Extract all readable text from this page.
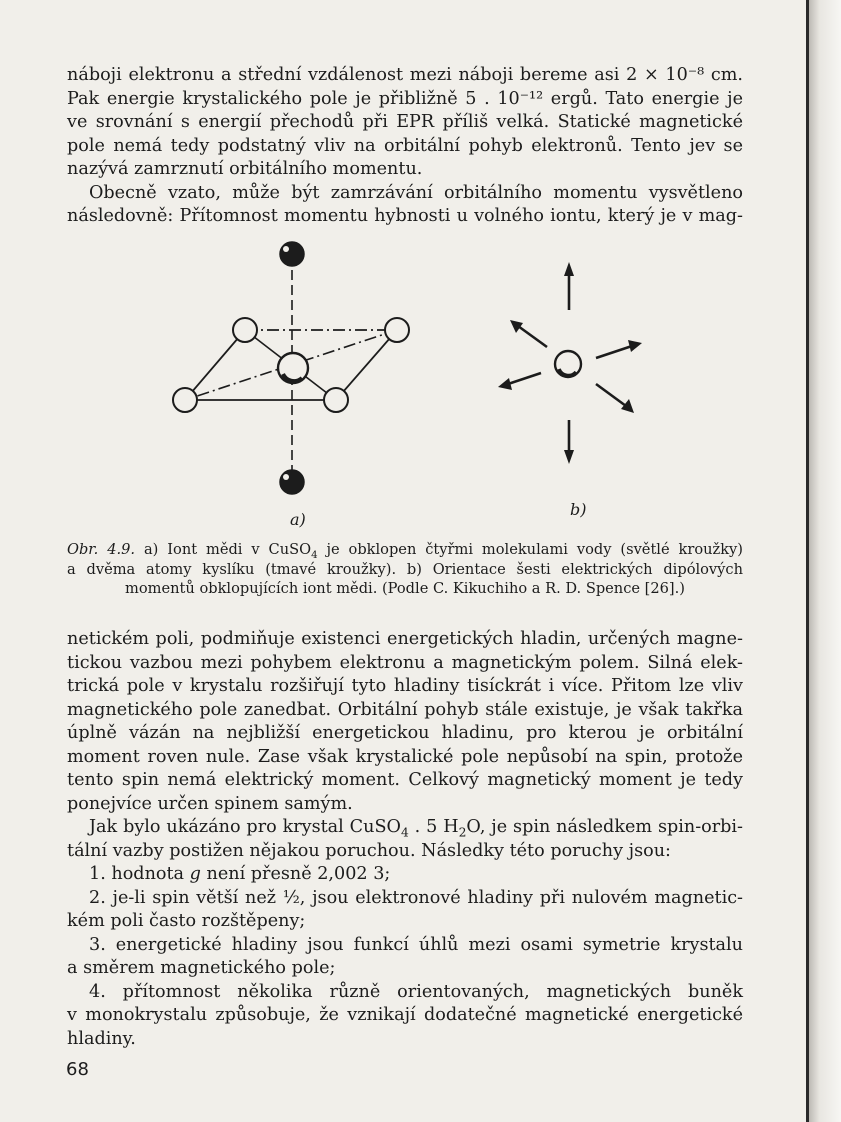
náboji elektronu a střední vzdálenost mezi náboji bereme asi 2 × 10⁻⁸ cm.
Pak energie krystalického pole je přibližně 5 . 10⁻¹² ergů. Tato energie je
ve srovnání s energií přechodů při EPR příliš velká. Statické magnetické
pole nemá tedy podstatný vliv na orbitální pohyb elektronů. Tento jev se
nazývá zamrznutí orbitálního momentu.

Obecně vzato, může být zamrzávání orbitálního momentu vysvětleno
následovně: Přítomnost momentu hybnosti u volného iontu, který je v mag-

a)
b)
Obr. 4.9. a) Iont mědi v CuSO$_4$ je obklopen čtyřmi molekulami vody (světlé kroužky)
a dvěma atomy kyslíku (tmavé kroužky). b) Orientace šesti elektrických dipólových
momentů obklopujících iont mědi. (Podle C. Kikuchiho a R. D. Spence [26].)

netickém poli, podmiňuje existenci energetických hladin, určených magne-
tickou vazbou mezi pohybem elektronu a magnetickým polem. Silná elek-
trická pole v krystalu rozšiřují tyto hladiny tisíckrát i více. Přitom lze vliv
magnetického pole zanedbat. Orbitální pohyb stále existuje, je však takřka
úplně vázán na nejbližší energetickou hladinu, pro kterou je orbitální
moment roven nule. Zase však krystalické pole nepůsobí na spin, protože
tento spin nemá elektrický moment. Celkový magnetický moment je tedy
ponejvíce určen spinem samým.

Jak bylo ukázáno pro krystal CuSO$_4$ . 5 $H_2O$, je spin následkem spin-orbi-
tální vazby postižen nějakou poruchou. Následky této poruchy jsou:

1. hodnota g není přesně 2,002 3;
2. je-li spin větší než ½, jsou elektronové hladiny při nulovém magnetic-
kém poli často rozštěpeny;
3. energetické hladiny jsou funkcí úhlů mezi osami symetrie krystalu
a směrem magnetického pole;
4. přítomnost několika různě orientovaných, magnetických buněk
v monokrystalu způsobuje, že vznikají dodatečné magnetické energetické
hladiny.

68
